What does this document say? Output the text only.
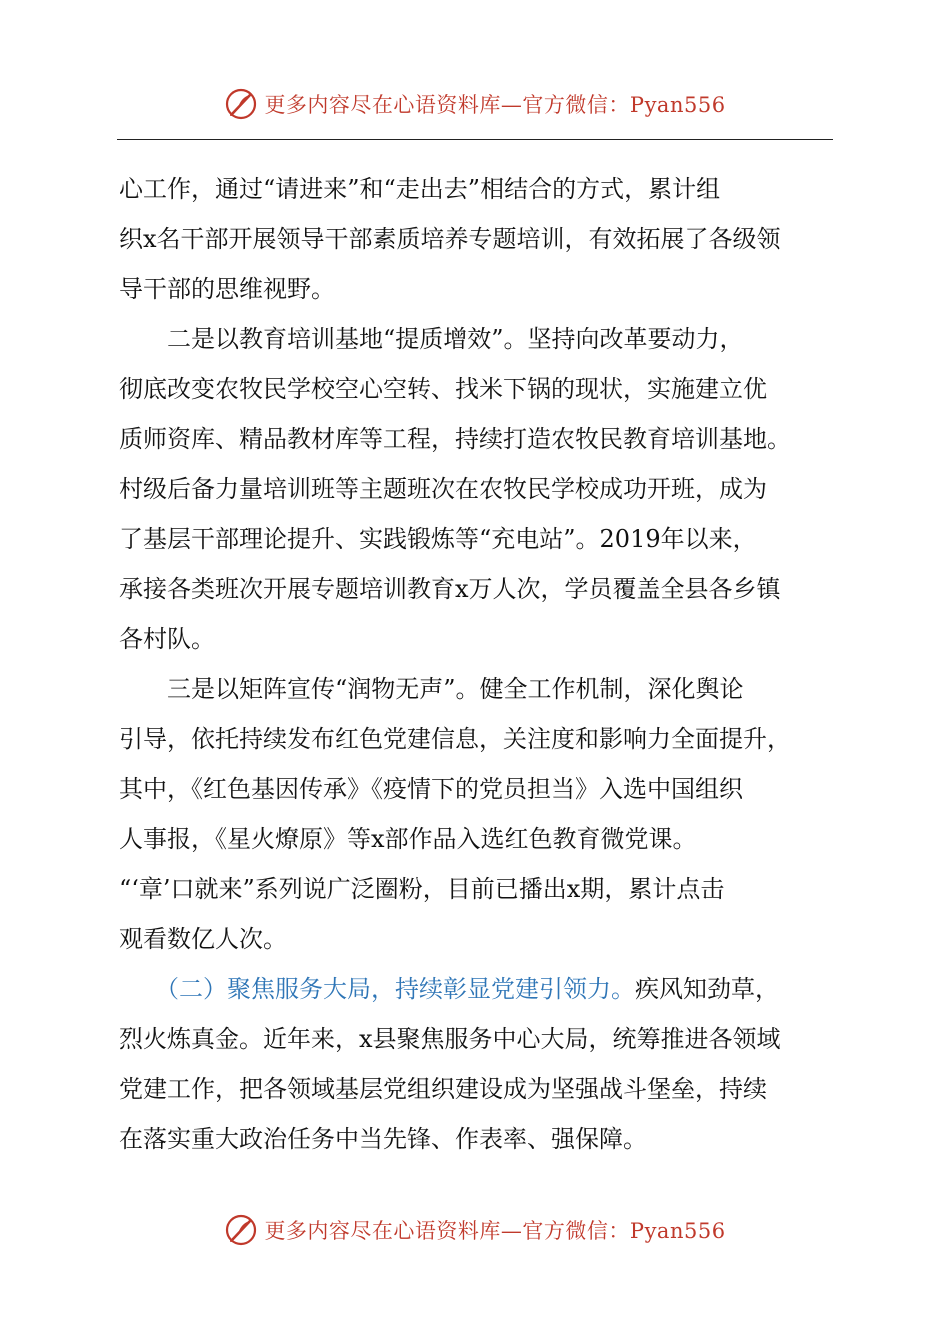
更多内容尽在心语资料库—官方微信：Pyan556
心工作，通过“请进来”和“走出去”相结合的方式，累计组
织x名干部开展领导干部素质培养专题培训，有效拓展了各级领
导干部的思维视野。
　　二是以教育培训基地“提质增效”。坚持向改革要动力，
彻底改变农牧民学校空心空转、找米下锅的现状，实施建立优
质师资库、精品教材库等工程，持续打造农牧民教育培训基地。
村级后备力量培训班等主题班次在农牧民学校成功开班，成为
了基层干部理论提升、实践锻炼等“充电站”。2019年以来，
承接各类班次开展专题培训教育x万人次，学员覆盖全县各乡镇
各村队。
　　三是以矩阵宣传“润物无声”。健全工作机制，深化舆论
引导，依托持续发布红色党建信息，关注度和影响力全面提升，
其中，《红色基因传承》《疫情下的党员担当》入选中国组织
人事报，《星火燎原》等x部作品入选红色教育微党课。
“‘章’口就来”系列说广泛圈粉，目前已播出x期，累计点击
观看数亿人次。
　　（二）聚焦服务大局，持续彰显党建引领力。疾风知劲草，
烈火炼真金。近年来，x县聚焦服务中心大局，统筹推进各领域
党建工作，把各领域基层党组织建设成为坚强战斗堡垒，持续
在落实重大政治任务中当先锋、作表率、强保障。
更多内容尽在心语资料库—官方微信：Pyan556
